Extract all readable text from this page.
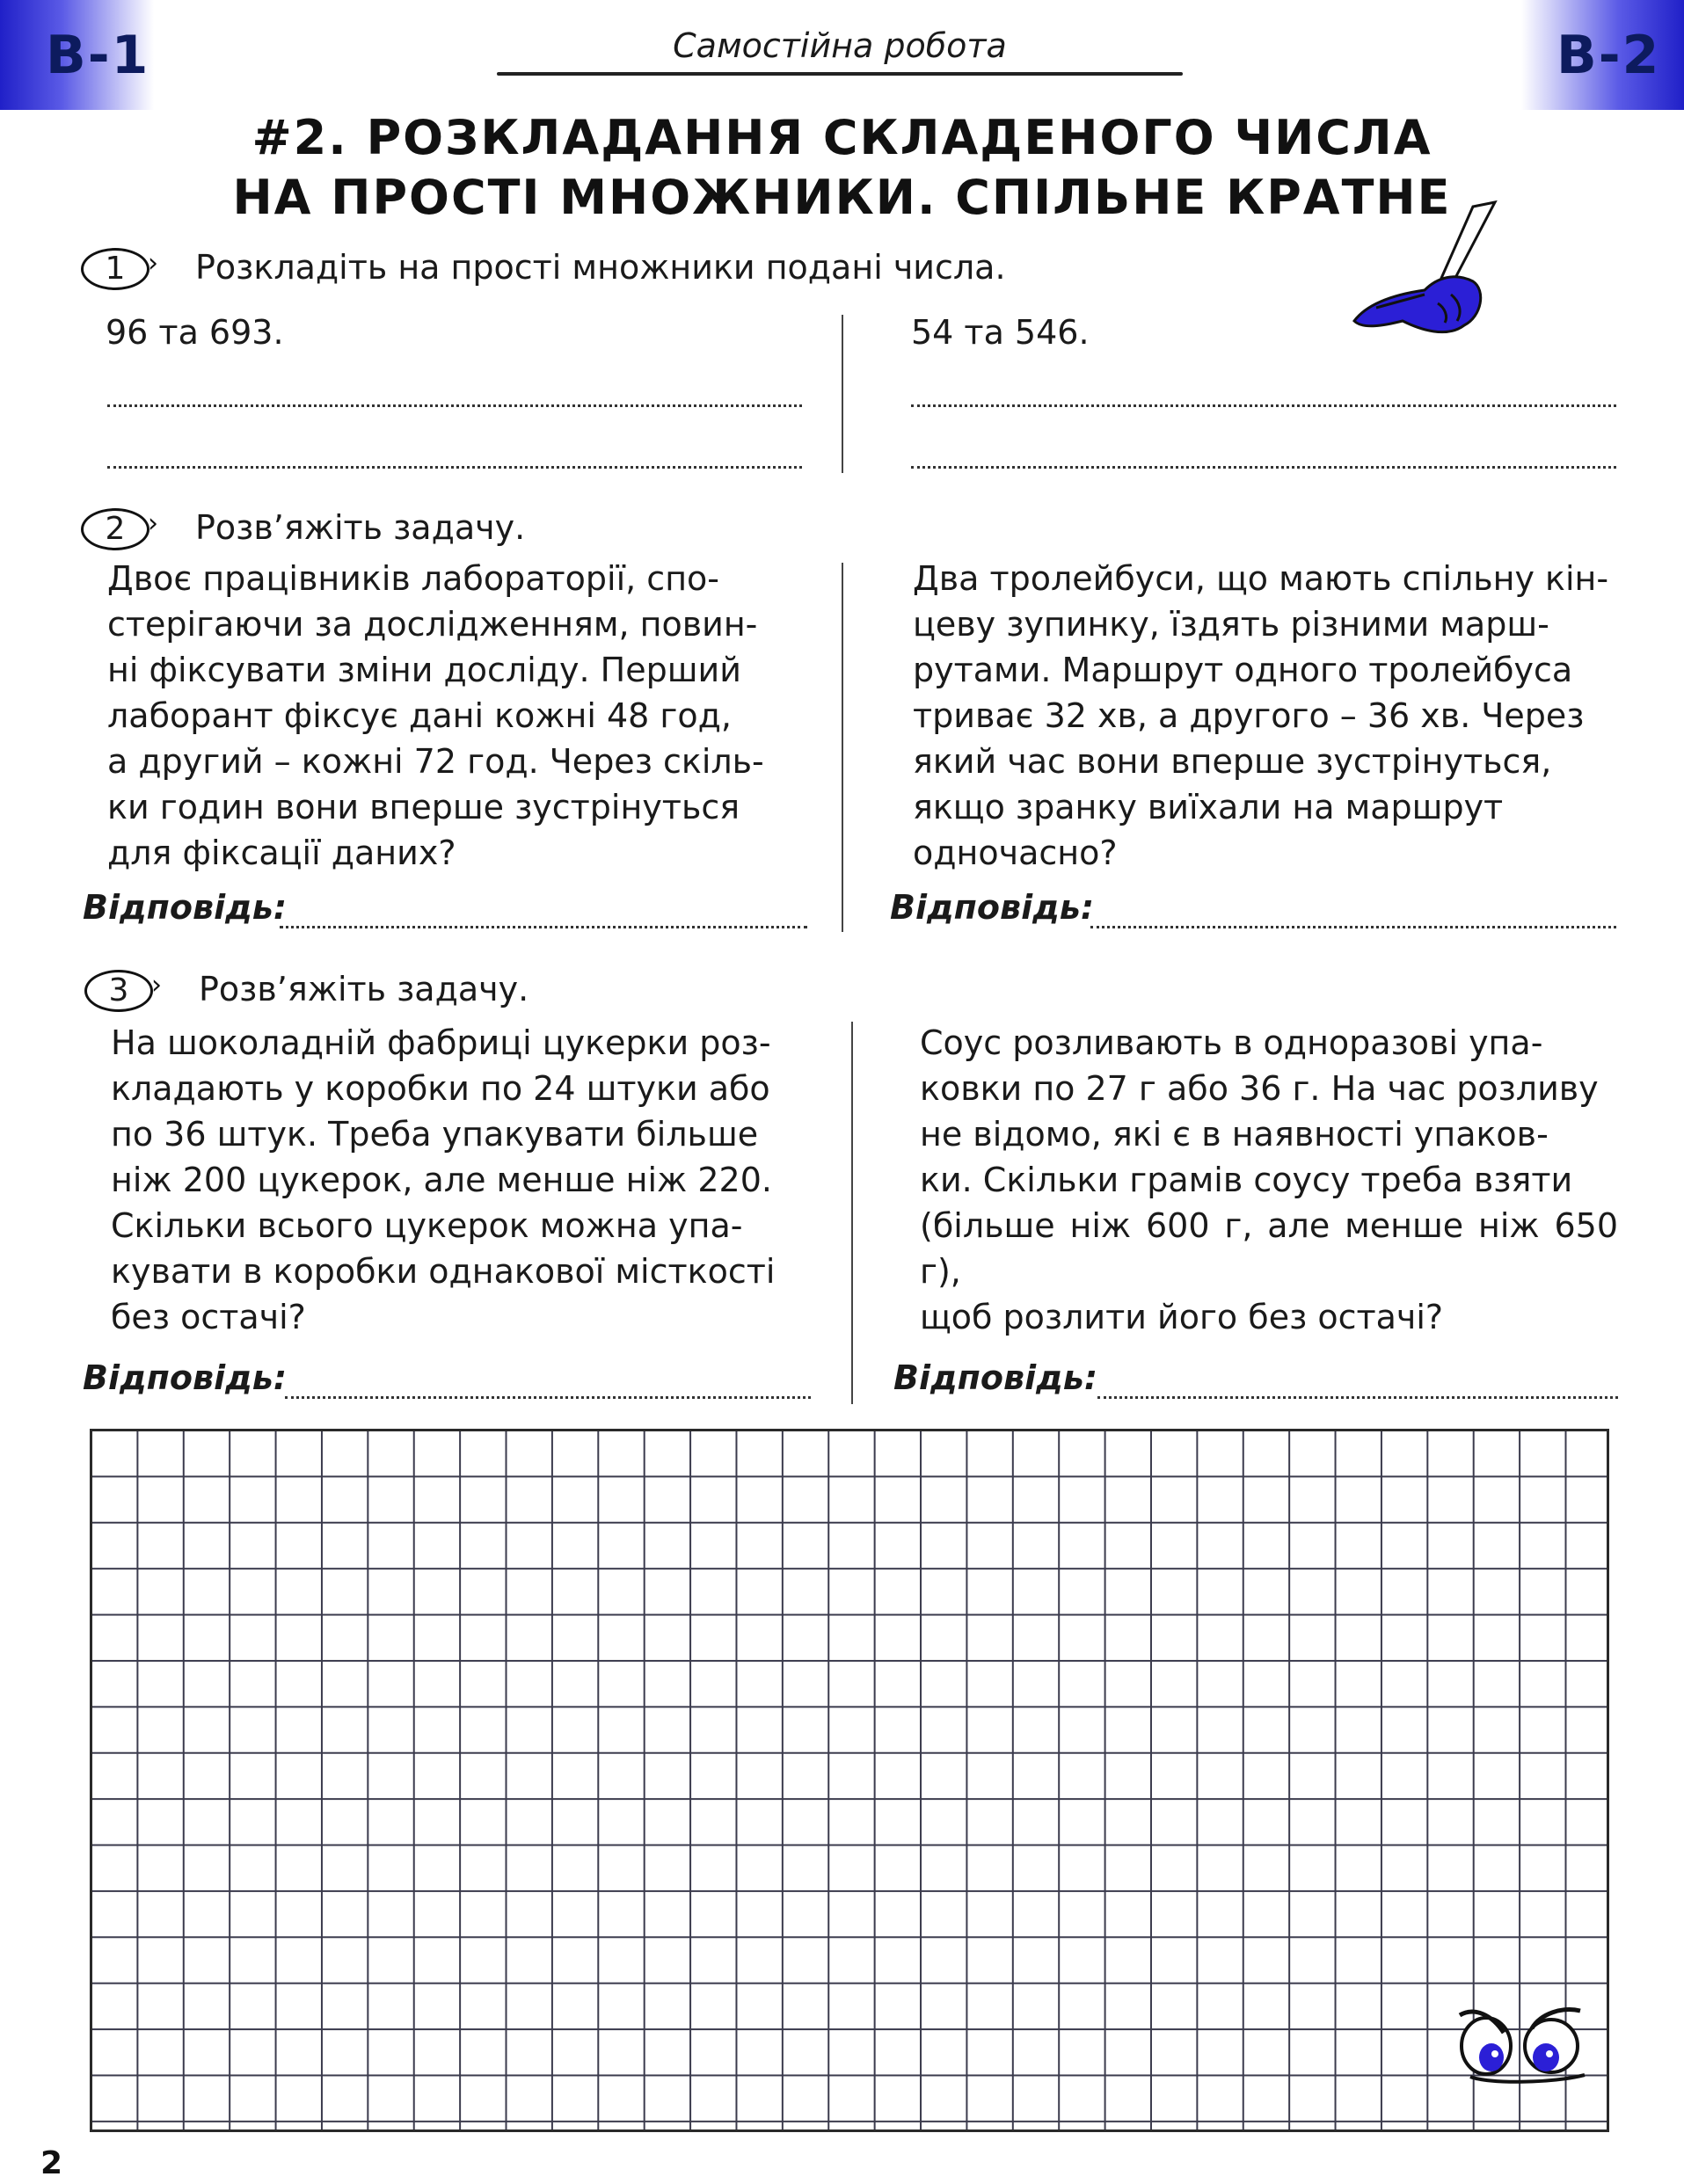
В-1	В-2
Самостійна робота
#2. РОЗКЛАДАННЯ СКЛАДЕНОГО ЧИСЛА
НА ПРОСТІ МНОЖНИКИ. СПІЛЬНЕ КРАТНЕ
1 › Розкладіть на прості множники подані числа.
96 та 693.	54 та 546.
2 › Розв’яжіть задачу.
Двоє працівників лабораторії, спо-
стерігаючи за дослідженням, повин-
ні фіксувати зміни досліду. Перший
лаборант фіксує дані кожні 48 год,
а другий – кожні 72 год. Через скіль-
ки годин вони вперше зустрінуться
для фіксації даних?
Два тролейбуси, що мають спільну кін-
цеву зупинку, їздять різними марш-
рутами. Маршрут одного тролейбуса
триває 32 хв, а другого – 36 хв. Через
який час вони вперше зустрінуться,
якщо зранку виїхали на маршрут
одночасно?
Відповідь:	Відповідь:
3 › Розв’яжіть задачу.
На шоколадній фабриці цукерки роз-
кладають у коробки по 24 штуки або
по 36 штук. Треба упакувати більше
ніж 200 цукерок, але менше ніж 220.
Скільки всього цукерок можна упа-
кувати в коробки однакової місткості
без остачі?
Соус розливають в одноразові упа-
ковки по 27 г або 36 г. На час розливу
не відомо, які є в наявності упаков-
ки. Скільки грамів соусу треба взяти
(більше ніж 600 г, але менше ніж 650 г),
щоб розлити його без остачі?
Відповідь:	Відповідь:
2
